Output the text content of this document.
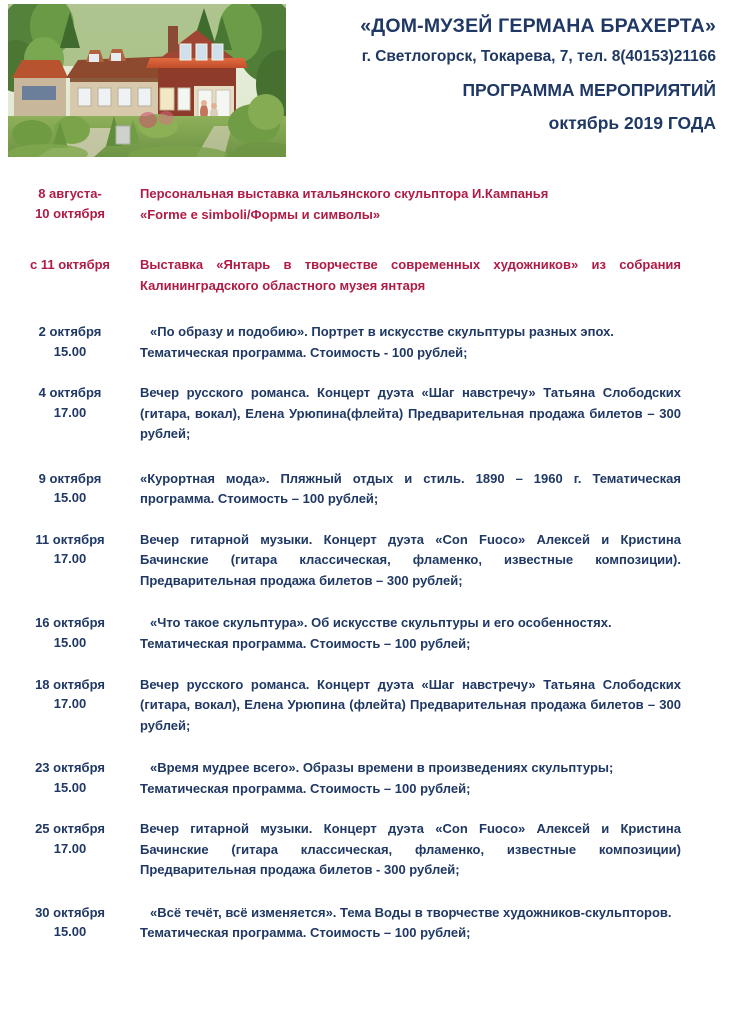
«ДОМ-МУЗЕЙ ГЕРМАНА БРАХЕРТА»
г. Светлогорск, Токарева, 7, тел. 8(40153)21166
ПРОГРАММА МЕРОПРИЯТИЙ
октябрь 2019 ГОДА
8 августа-
10 октября

Персональная выставка итальянского скульптора И.Кампанья

«Forme e simboli/Формы и символы»

с 11 октября	Выставка «Янтарь в творчестве современных художников» из собрания Калининградского областного музея янтаря

2 октября
15.00

«По образу и подобию». Портрет в искусстве скульптуры разных эпох. Тематическая программа. Стоимость - 100 рублей;

4 октября
17.00

Вечер русского романса. Концерт дуэта «Шаг навстречу» Татьяна Слободских (гитара, вокал), Елена Урюпина(флейта) Предварительная продажа билетов – 300 рублей;

9 октября
15.00

«Курортная мода». Пляжный отдых и стиль. 1890 – 1960 г. Тематическая программа. Стоимость – 100 рублей;

11 октября
17.00

Вечер гитарной музыки. Концерт дуэта «Con Fuoco» Алексей и Кристина Бачинские (гитара классическая, фламенко, известные композиции). Предварительная продажа билетов – 300 рублей;

16 октября
15.00

«Что такое скульптура». Об искусстве скульптуры и его особенностях. Тематическая программа. Стоимость – 100 рублей;

18 октября
17.00

Вечер русского романса. Концерт дуэта «Шаг навстречу» Татьяна Слободских (гитара, вокал), Елена Урюпина (флейта) Предварительная продажа билетов – 300 рублей;

23 октября
15.00

«Время мудрее всего». Образы времени в произведениях скульптуры; Тематическая программа. Стоимость – 100 рублей;

25 октября
17.00

Вечер гитарной музыки. Концерт дуэта «Con Fuoco» Алексей и Кристина Бачинские (гитара классическая, фламенко, известные композиции) Предварительная продажа билетов - 300 рублей;

30 октября
15.00

«Всё течёт, всё изменяется». Тема Воды в творчестве художников-скульпторов. Тематическая программа. Стоимость – 100 рублей;
